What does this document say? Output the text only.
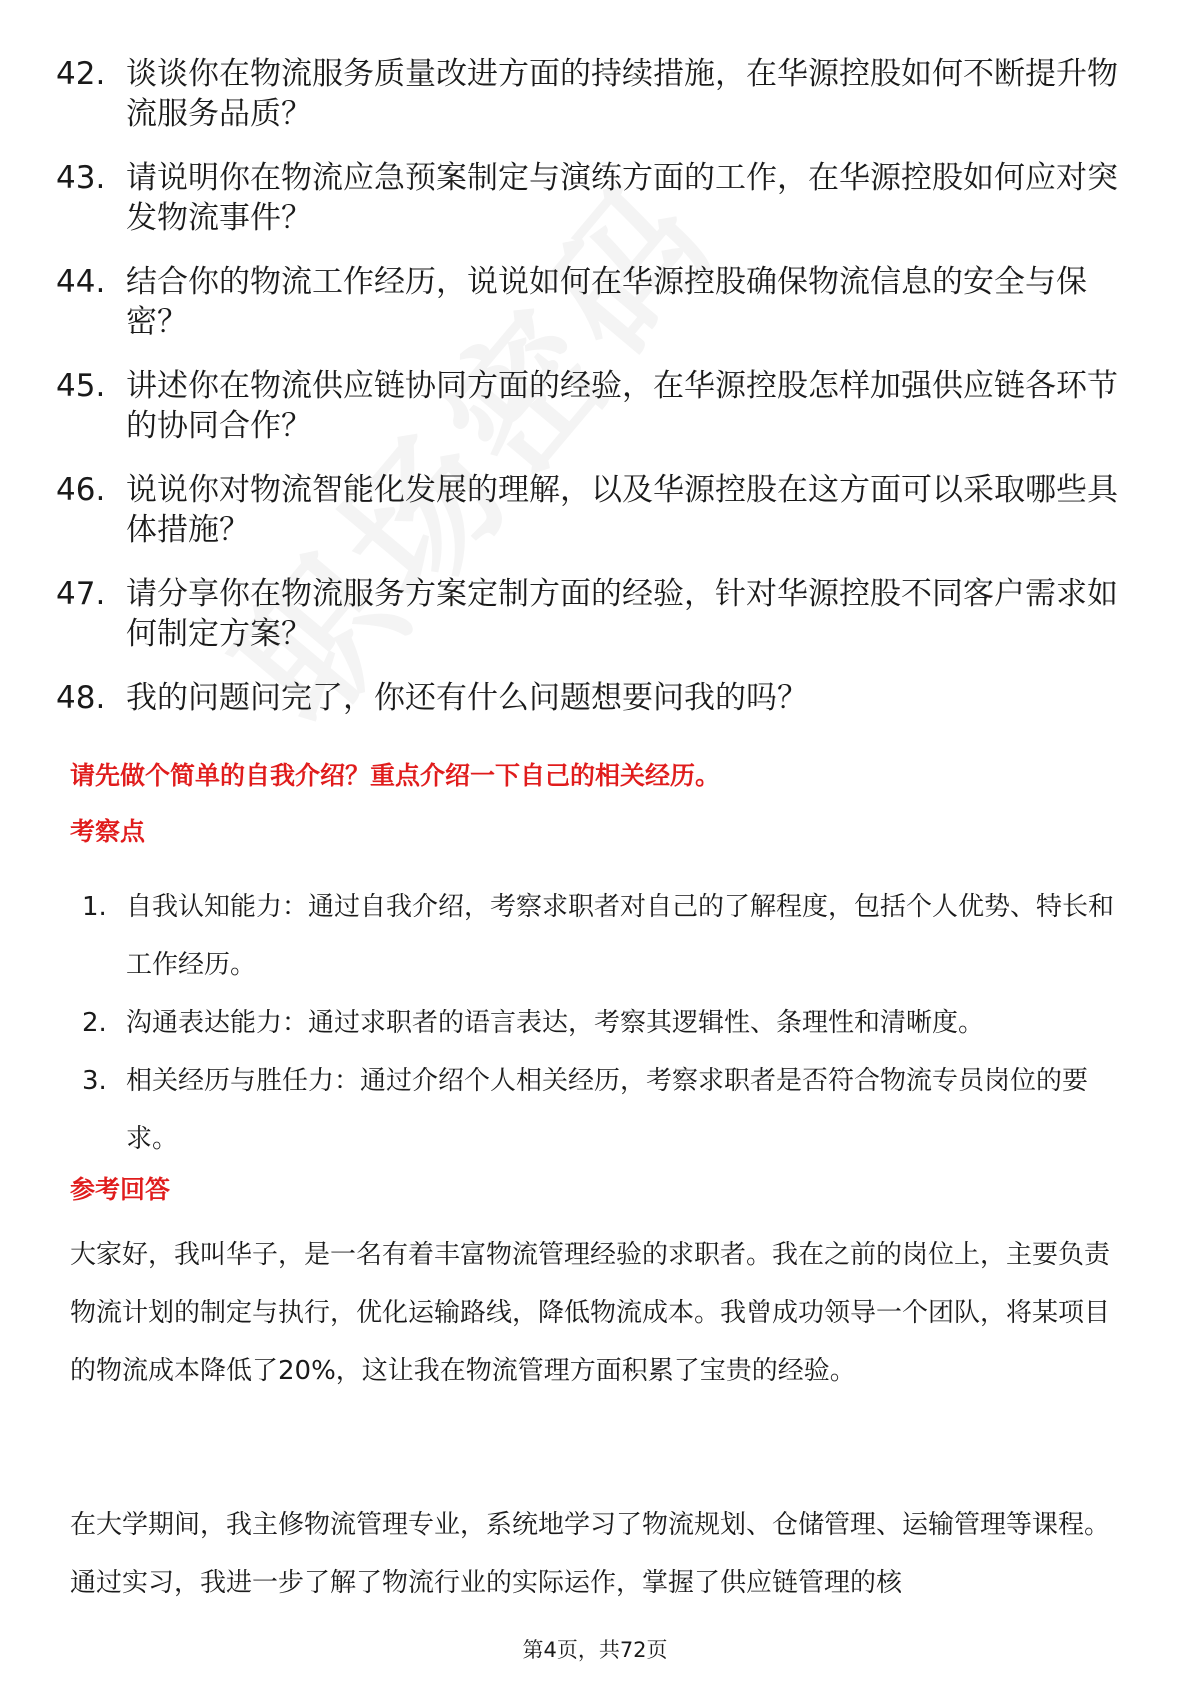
42. 谈谈你在物流服务质量改进方面的持续措施，在华源控股如何不断提升物流服务品质？
43. 请说明你在物流应急预案制定与演练方面的工作，在华源控股如何应对突发物流事件？
44. 结合你的物流工作经历，说说如何在华源控股确保物流信息的安全与保密？
45. 讲述你在物流供应链协同方面的经验，在华源控股怎样加强供应链各环节的协同合作？
46. 说说你对物流智能化发展的理解，以及华源控股在这方面可以采取哪些具体措施？
47. 请分享你在物流服务方案定制方面的经验，针对华源控股不同客户需求如何制定方案？
48. 我的问题问完了，你还有什么问题想要问我的吗？
请先做个简单的自我介绍？重点介绍一下自己的相关经历。
考察点
1. 自我认知能力：通过自我介绍，考察求职者对自己的了解程度，包括个人优势、特长和工作经历。
2. 沟通表达能力：通过求职者的语言表达，考察其逻辑性、条理性和清晰度。
3. 相关经历与胜任力：通过介绍个人相关经历，考察求职者是否符合物流专员岗位的要求。
参考回答
大家好，我叫华子，是一名有着丰富物流管理经验的求职者。我在之前的岗位上，主要负责物流计划的制定与执行，优化运输路线，降低物流成本。我曾成功领导一个团队，将某项目的物流成本降低了20%，这让我在物流管理方面积累了宝贵的经验。
在大学期间，我主修物流管理专业，系统地学习了物流规划、仓储管理、运输管理等课程。通过实习，我进一步了解了物流行业的实际运作，掌握了供应链管理的核
第4页，共72页
